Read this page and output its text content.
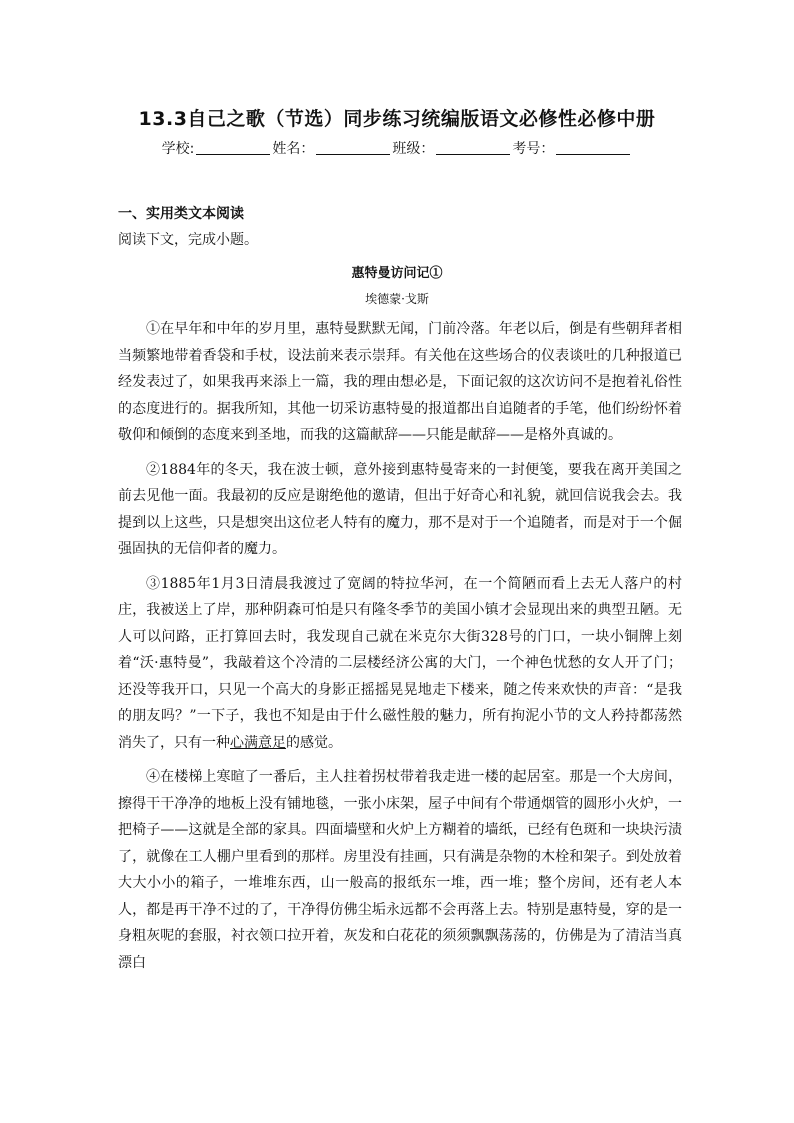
13.3自己之歌（节选）同步练习统编版语文必修性必修中册
学校:	姓名：	班级：	考号：
一、实用类文本阅读
阅读下文，完成小题。
惠特曼访问记①
埃德蒙·戈斯

①在早年和中年的岁月里，惠特曼默默无闻，门前冷落。年老以后，倒是有些朝拜者相当频繁地带着香袋和手杖，设法前来表示崇拜。有关他在这些场合的仪表谈吐的几种报道已经发表过了，如果我再来添上一篇，我的理由想必是，下面记叙的这次访问不是抱着礼俗性的态度进行的。据我所知，其他一切采访惠特曼的报道都出自追随者的手笔，他们纷纷怀着敬仰和倾倒的态度来到圣地，而我的这篇献辞——只能是献辞——是格外真诚的。

②1884年的冬天，我在波士顿，意外接到惠特曼寄来的一封便笺，要我在离开美国之前去见他一面。我最初的反应是谢绝他的邀请，但出于好奇心和礼貌，就回信说我会去。我提到以上这些，只是想突出这位老人特有的魔力，那不是对于一个追随者，而是对于一个倔强固执的无信仰者的魔力。

③1885年1月3日清晨我渡过了宽阔的特拉华河，在一个简陋而看上去无人落户的村庄，我被送上了岸，那种阴森可怕是只有隆冬季节的美国小镇才会显现出来的典型丑陋。无人可以问路，正打算回去时，我发现自己就在米克尔大街328号的门口，一块小铜牌上刻着“沃·惠特曼”，我敲着这个冷清的二层楼经济公寓的大门，一个神色忧愁的女人开了门；还没等我开口，只见一个高大的身影正摇摇晃晃地走下楼来，随之传来欢快的声音：“是我的朋友吗？”一下子，我也不知是由于什么磁性般的魅力，所有拘泥小节的文人矜持都荡然消失了，只有一种心满意足的感觉。

④在楼梯上寒暄了一番后，主人拄着拐杖带着我走进一楼的起居室。那是一个大房间，擦得干干净净的地板上没有铺地毯，一张小床架，屋子中间有个带通烟管的圆形小火炉，一把椅子——这就是全部的家具。四面墙壁和火炉上方糊着的墙纸，已经有色斑和一块块污渍了，就像在工人棚户里看到的那样。房里没有挂画，只有满是杂物的木栓和架子。到处放着大大小小的箱子，一堆堆东西，山一般高的报纸东一堆，西一堆；整个房间，还有老人本人，都是再干净不过的了，干净得仿佛尘垢永远都不会再落上去。特别是惠特曼，穿的是一身粗灰呢的套服，衬衣领口拉开着，灰发和白花花的须须飘飘荡荡的，仿佛是为了清洁当真漂白
